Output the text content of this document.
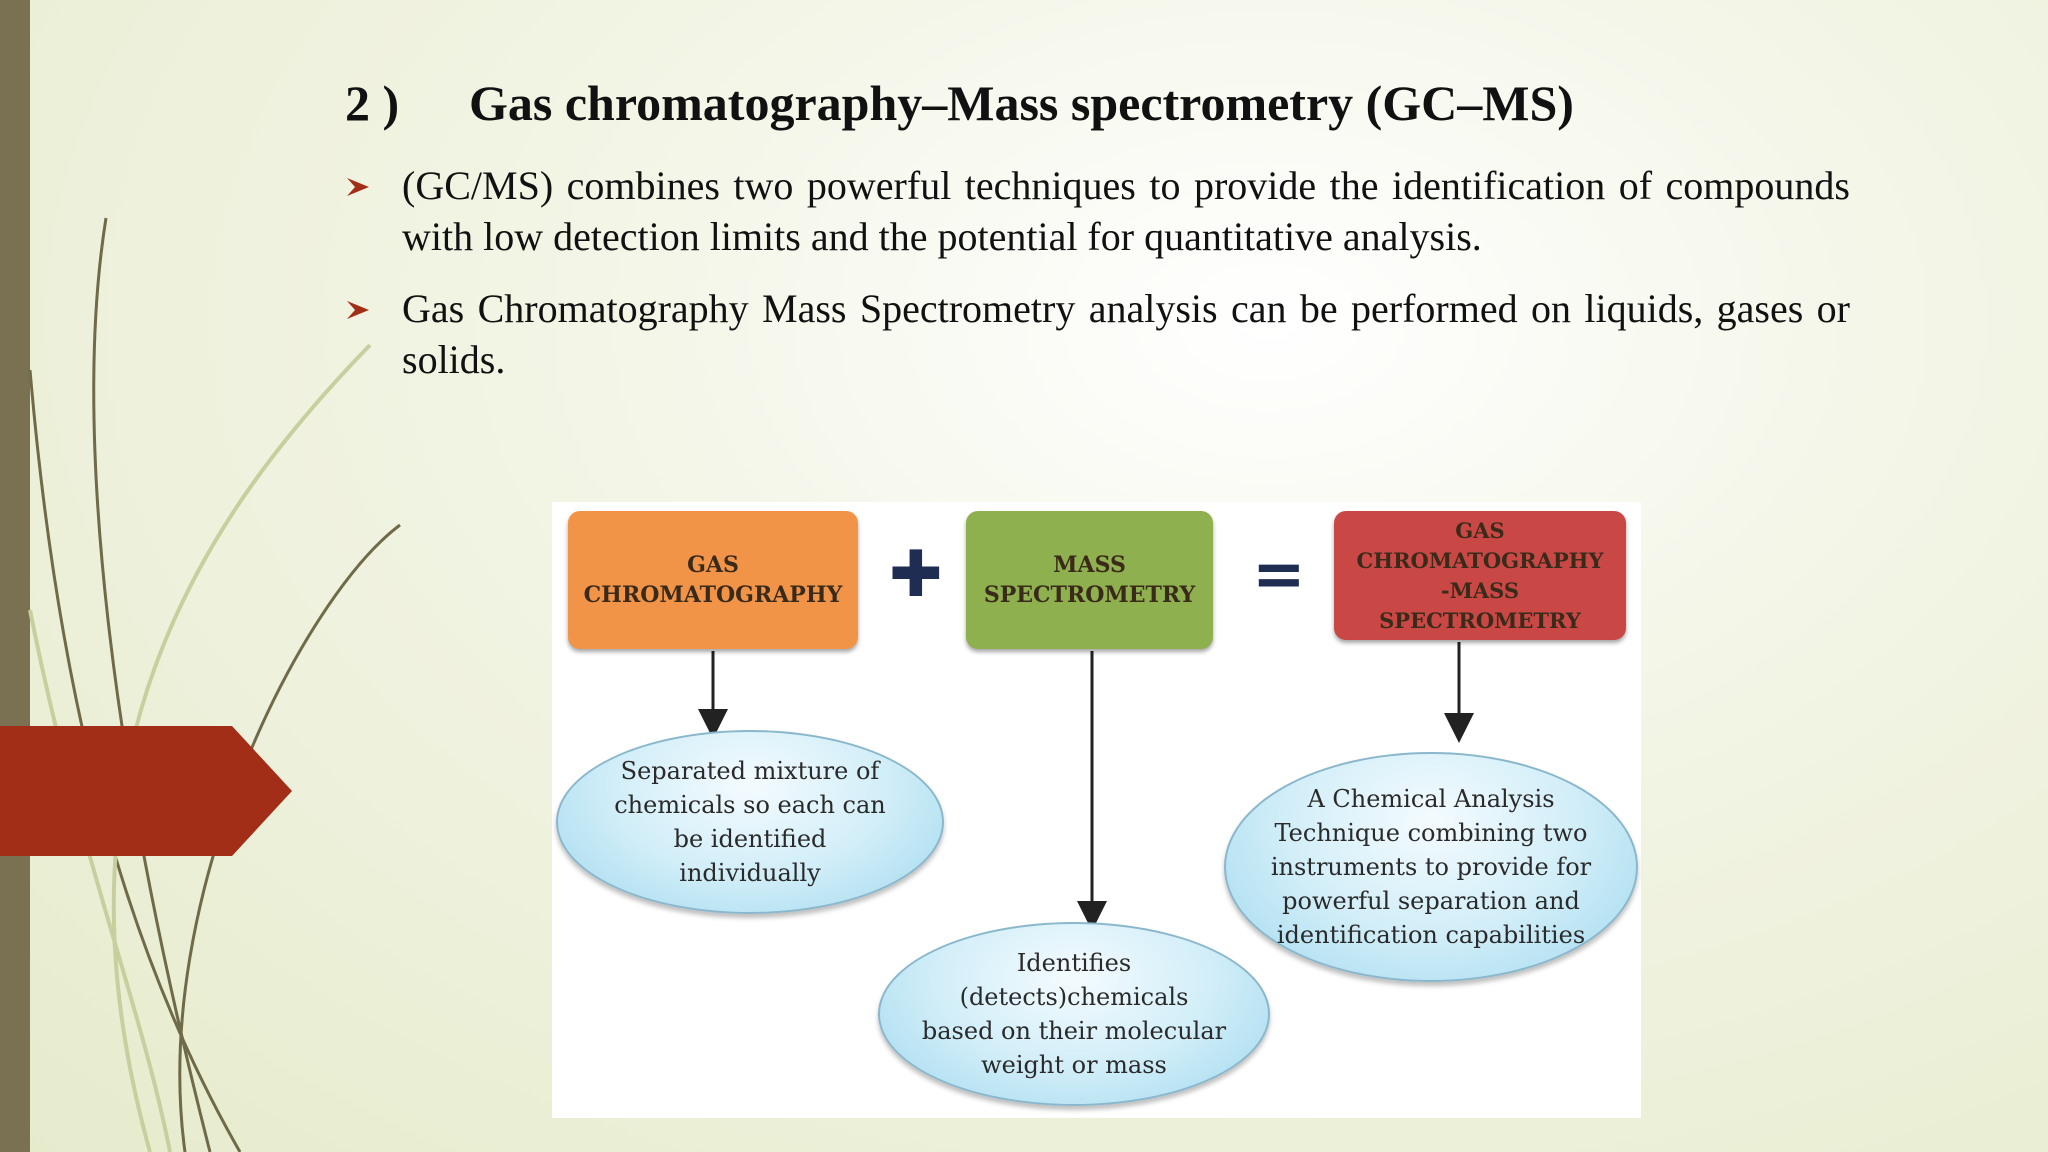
2 ) Gas chromatography–Mass spectrometry (GC–MS)
(GC/MS) combines two powerful techniques to provide the identification of compounds with low detection limits and the potential for quantitative analysis.
Gas Chromatography Mass Spectrometry analysis can be performed on liquids, gases or solids.
GAS
CHROMATOGRAPHY ✚	MASS
SPECTROMETRY =
GAS
CHROMATOGRAPHY
-MASS
SPECTROMETRY
Separated mixture of
chemicals so each can
be identified
individually
Identifies
(detects)chemicals
based on their molecular
weight or mass
A Chemical Analysis
Technique combining two
instruments to provide for
powerful separation and
identification capabilities
